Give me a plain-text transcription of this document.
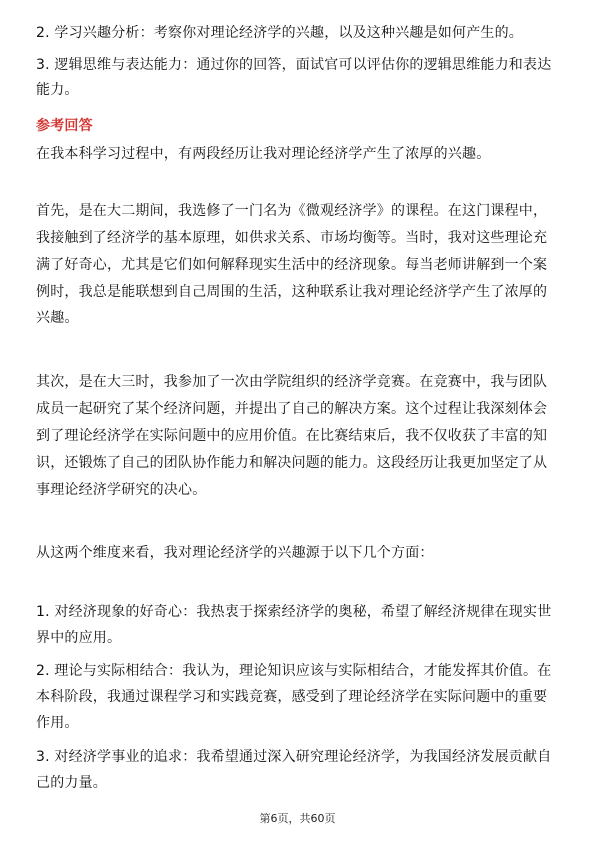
2. 学习兴趣分析：考察你对理论经济学的兴趣，以及这种兴趣是如何产生的。
3. 逻辑思维与表达能力：通过你的回答，面试官可以评估你的逻辑思维能力和表达
能力。
参考回答
在我本科学习过程中，有两段经历让我对理论经济学产生了浓厚的兴趣。
首先，是在大二期间，我选修了一门名为《微观经济学》的课程。在这门课程中，
我接触到了经济学的基本原理，如供求关系、市场均衡等。当时，我对这些理论充
满了好奇心，尤其是它们如何解释现实生活中的经济现象。每当老师讲解到一个案
例时，我总是能联想到自己周围的生活，这种联系让我对理论经济学产生了浓厚的
兴趣。
其次，是在大三时，我参加了一次由学院组织的经济学竞赛。在竞赛中，我与团队
成员一起研究了某个经济问题，并提出了自己的解决方案。这个过程让我深刻体会
到了理论经济学在实际问题中的应用价值。在比赛结束后，我不仅收获了丰富的知
识，还锻炼了自己的团队协作能力和解决问题的能力。这段经历让我更加坚定了从
事理论经济学研究的决心。
从这两个维度来看，我对理论经济学的兴趣源于以下几个方面：
1. 对经济现象的好奇心：我热衷于探索经济学的奥秘，希望了解经济规律在现实世
界中的应用。
2. 理论与实际相结合：我认为，理论知识应该与实际相结合，才能发挥其价值。在
本科阶段，我通过课程学习和实践竞赛，感受到了理论经济学在实际问题中的重要
作用。
3. 对经济学事业的追求：我希望通过深入研究理论经济学，为我国经济发展贡献自
己的力量。
第6页，共60页
